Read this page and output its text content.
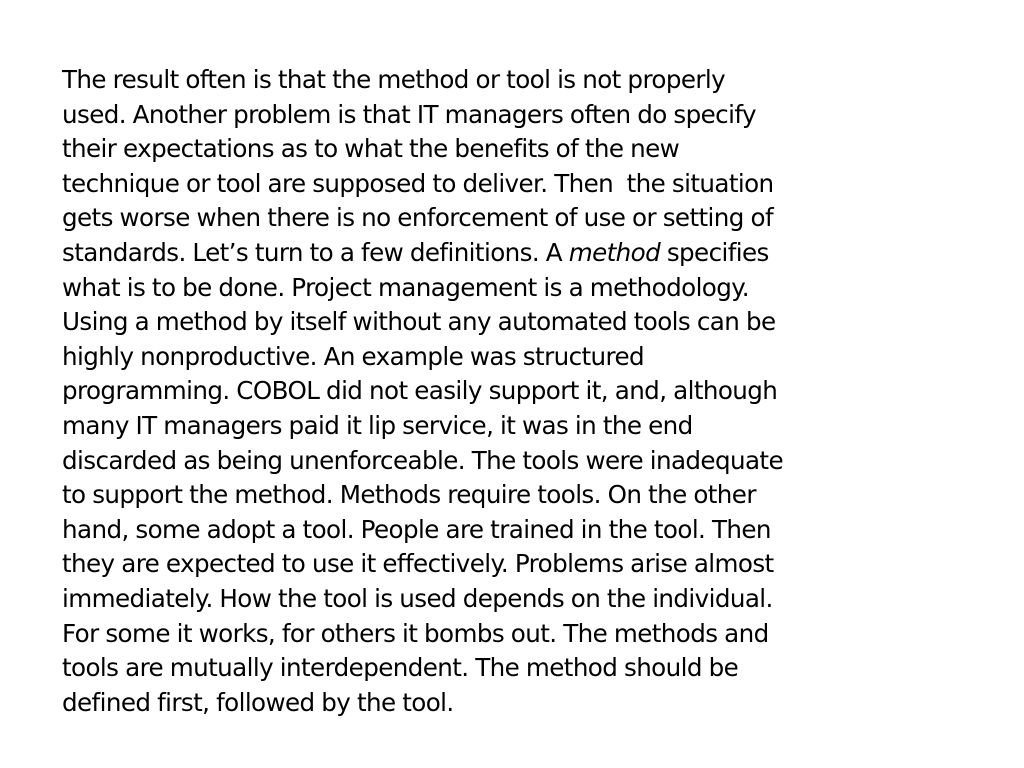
The result often is that the method or tool is not properly
used. Another problem is that IT managers often do specify
their expectations as to what the benefits of the new
technique or tool are supposed to deliver. Then  the situation
gets worse when there is no enforcement of use or setting of
standards. Let’s turn to a few definitions. A method specifies
what is to be done. Project management is a methodology.
Using a method by itself without any automated tools can be
highly nonproductive. An example was structured
programming. COBOL did not easily support it, and, although
many IT managers paid it lip service, it was in the end
discarded as being unenforceable. The tools were inadequate
to support the method. Methods require tools. On the other
hand, some adopt a tool. People are trained in the tool. Then
they are expected to use it effectively. Problems arise almost
immediately. How the tool is used depends on the individual.
For some it works, for others it bombs out. The methods and
tools are mutually interdependent. The method should be
defined first, followed by the tool.
